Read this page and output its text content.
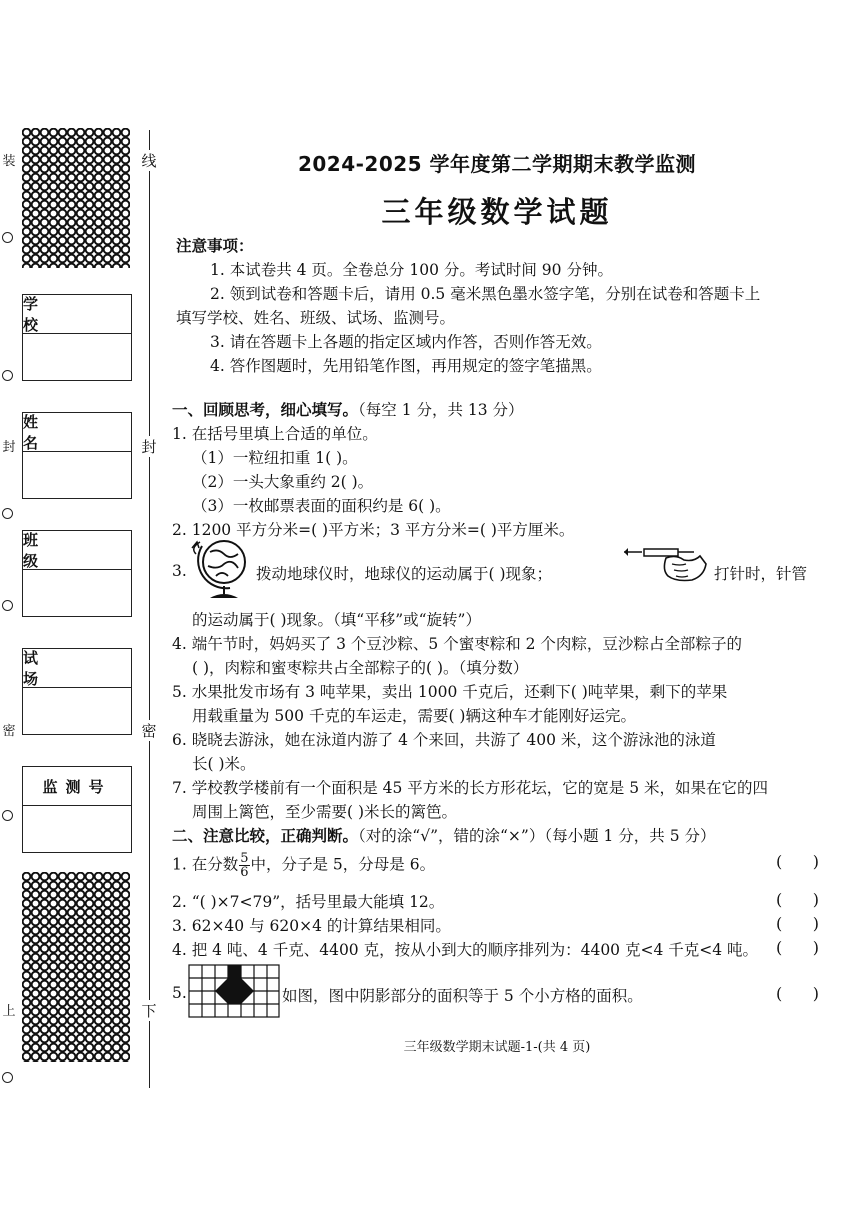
装
封
密
上
学 校
姓 名
班 级
试 场
监测号
线
封
密
下
2024-2025 学年度第二学期期末教学监测
三年级数学试题
注意事项：
1. 本试卷共 4 页。全卷总分 100 分。考试时间 90 分钟。
2. 领到试卷和答题卡后，请用 0.5 毫米黑色墨水签字笔，分别在试卷和答题卡上
填写学校、姓名、班级、试场、监测号。
3. 请在答题卡上各题的指定区域内作答，否则作答无效。
4. 答作图题时，先用铅笔作图，再用规定的签字笔描黑。
一、回顾思考，细心填写。（每空 1 分，共 13 分）
1. 在括号里填上合适的单位。
（1）一粒纽扣重 1( )。
（2）一头大象重约 2( )。
（3）一枚邮票表面的面积约是 6( )。
2. 1200 平方分米=( )平方米；3 平方分米=( )平方厘米。
3.	拨动地球仪时，地球仪的运动属于( )现象；	打针时，针管
的运动属于( )现象。（填“平移”或“旋转”）
4. 端午节时，妈妈买了 3 个豆沙粽、5 个蜜枣粽和 2 个肉粽，豆沙粽占全部粽子的
( )，肉粽和蜜枣粽共占全部粽子的( )。（填分数）
5. 水果批发市场有 3 吨苹果，卖出 1000 千克后，还剩下( )吨苹果，剩下的苹果
用载重量为 500 千克的车运走，需要( )辆这种车才能刚好运完。
6. 晓晓去游泳，她在泳道内游了 4 个来回，共游了 400 米，这个游泳池的泳道
长( )米。
7. 学校教学楼前有一个面积是 45 平方米的长方形花坛，它的宽是 5 米，如果在它的四
周围上篱笆，至少需要( )米长的篱笆。
二、注意比较，正确判断。（对的涂“√”，错的涂“×”）（每小题 1 分，共 5 分）
1. 在分数 $\frac{5}{6}$ 中，分子是 5，分母是 6。	(      )
2. “( )×7<79”，括号里最大能填 12。	(      )
3. 62×40 与 620×4 的计算结果相同。	(      )
4. 把 4 吨、4 千克、4400 克，按从小到大的顺序排列为：4400 克<4 千克<4 吨。 (      )
5.	如图，图中阴影部分的面积等于 5 个小方格的面积。	(      )
三年级数学期末试题-1-(共 4 页)
